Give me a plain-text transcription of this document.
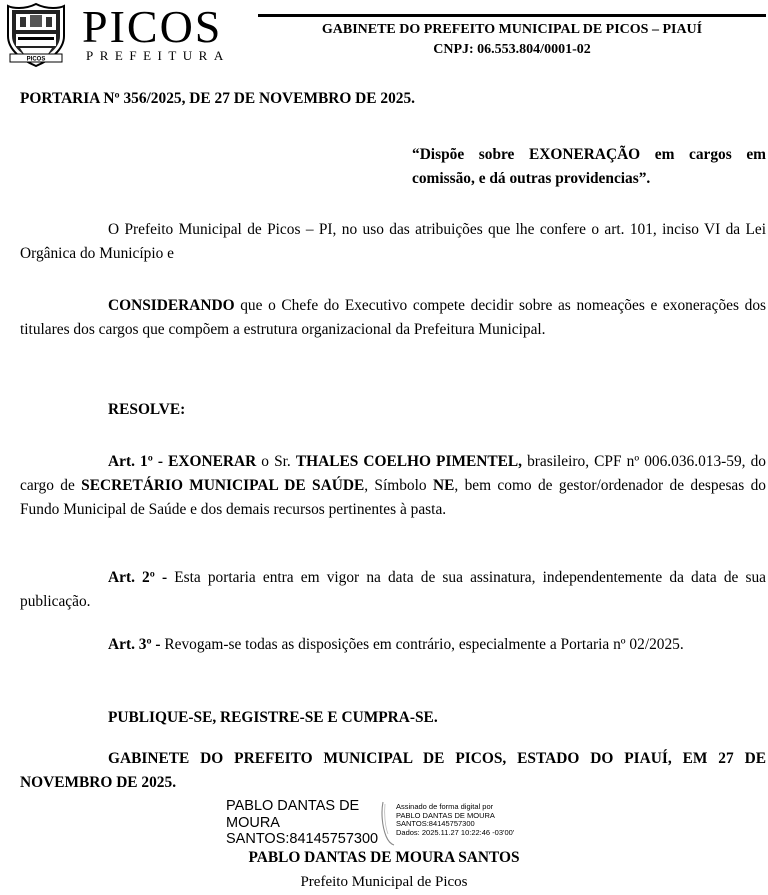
PICOS
PICOS
PREFEITURA
GABINETE DO PREFEITO MUNICIPAL DE PICOS – PIAUÍ
CNPJ: 06.553.804/0001-02
PORTARIA Nº 356/2025, DE 27 DE NOVEMBRO DE 2025.
“Dispõe sobre EXONERAÇÃO em cargos em comissão, e dá outras providencias”.
O Prefeito Municipal de Picos – PI, no uso das atribuições que lhe confere o art. 101, inciso VI da Lei Orgânica do Município e
CONSIDERANDO que o Chefe do Executivo compete decidir sobre as nomeações e exonerações dos titulares dos cargos que compõem a estrutura organizacional da Prefeitura Municipal.
RESOLVE:
Art. 1º - EXONERAR o Sr. THALES COELHO PIMENTEL, brasileiro, CPF nº 006.036.013-59, do cargo de SECRETÁRIO MUNICIPAL DE SAÚDE, Símbolo NE, bem como de gestor/ordenador de despesas do Fundo Municipal de Saúde e dos demais recursos pertinentes à pasta.
Art. 2º - Esta portaria entra em vigor na data de sua assinatura, independentemente da data de sua publicação.
Art. 3º - Revogam-se todas as disposições em contrário, especialmente a Portaria nº 02/2025.
PUBLIQUE-SE, REGISTRE-SE E CUMPRA-SE.
GABINETE DO PREFEITO MUNICIPAL DE PICOS, ESTADO DO PIAUÍ, EM 27 DE NOVEMBRO DE 2025.
PABLO DANTAS DE
MOURA
SANTOS:84145757300
Assinado de forma digital por
PABLO DANTAS DE MOURA
SANTOS:84145757300
Dados: 2025.11.27 10:22:46 -03'00'
PABLO DANTAS DE MOURA SANTOS
Prefeito Municipal de Picos
